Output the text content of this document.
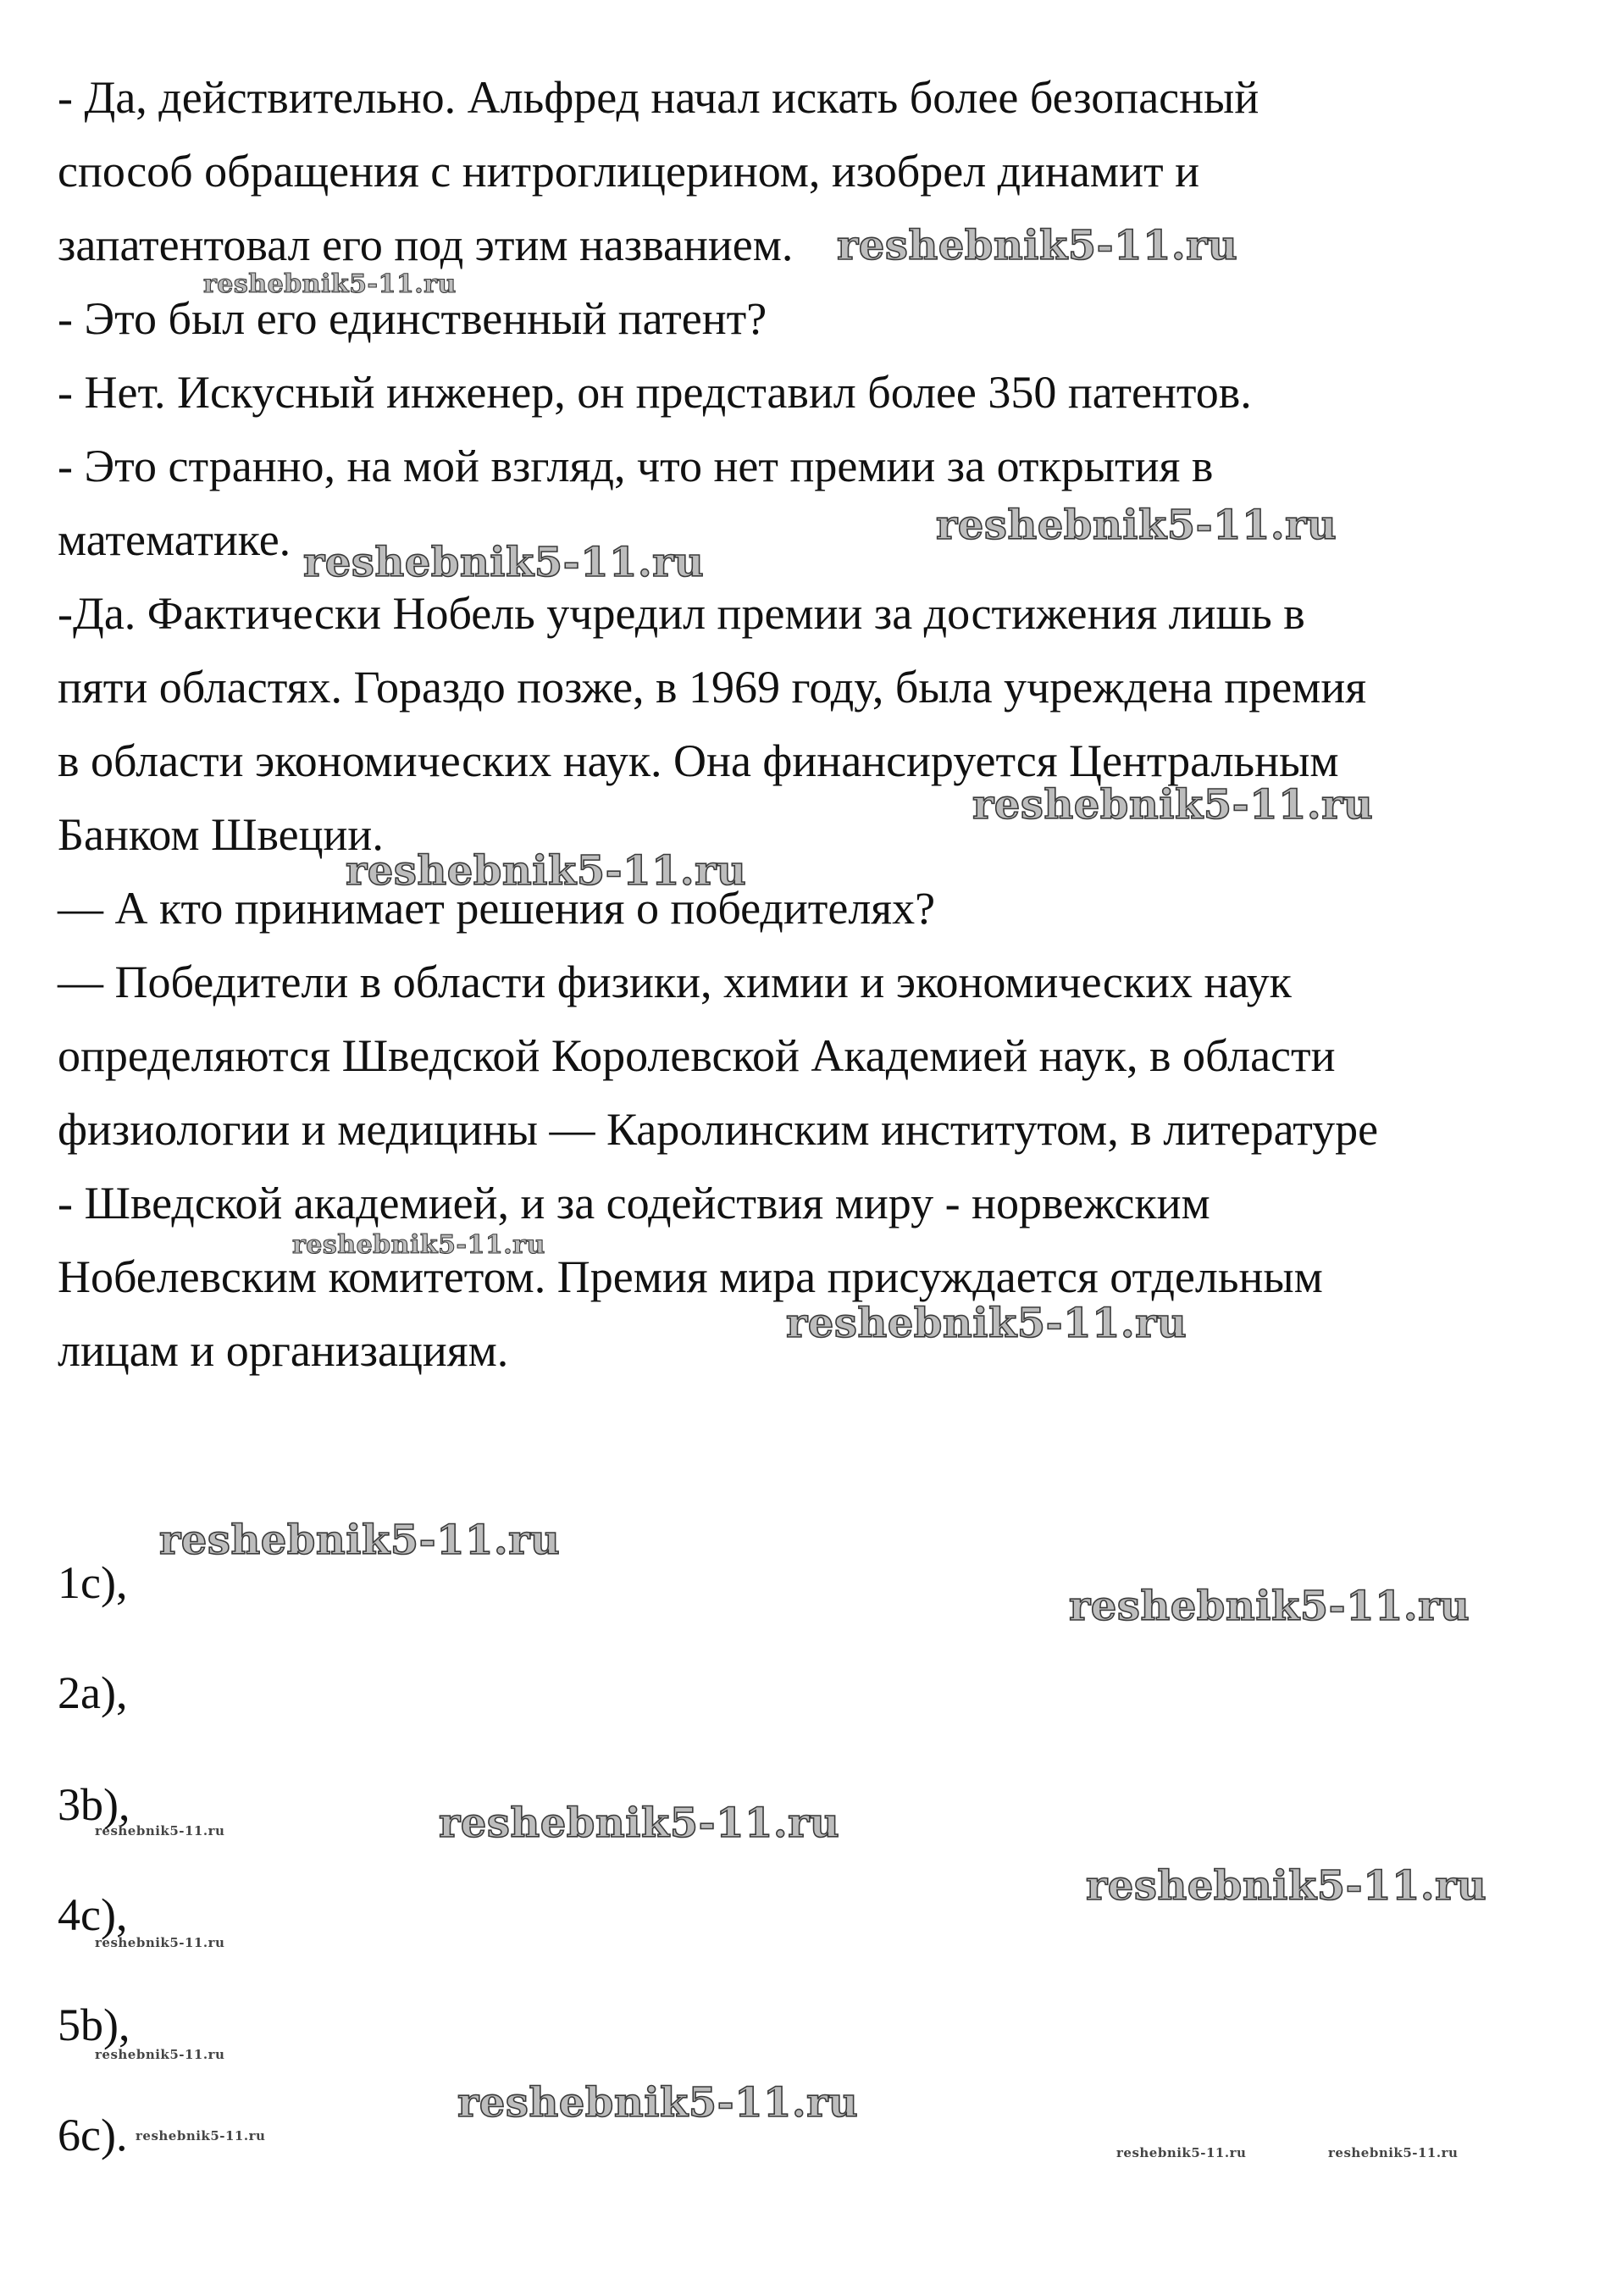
- Да, действительно. Альфред начал искать более безопасный
способ обращения с нитроглицерином, изобрел динамит и
запатентовал его под этим названием.
- Это был его единственный патент?
- Нет. Искусный инженер, он представил более 350 патентов.
- Это странно, на мой взгляд, что нет премии за открытия в
математике.
-Да. Фактически Нобель учредил премии за достижения лишь в
пяти областях. Гораздо позже, в 1969 году, была учреждена премия
в области экономических наук. Она финансируется Центральным
Банком Швеции.
— А кто принимает решения о победителях?
— Победители в области физики, химии и экономических наук
определяются Шведской Королевской Академией наук, в области
физиологии и медицины — Каролинским институтом, в литературе
- Шведской академией, и за содействия миру - норвежским
Нобелевским комитетом. Премия мира присуждается отдельным
лицам и организациям.
1c),
2a),
3b),
4c),
5b),
6c).
reshebnik5-11.ru
reshebnik5-11.ru
reshebnik5-11.ru
reshebnik5-11.ru
reshebnik5-11.ru
reshebnik5-11.ru
reshebnik5-11.ru
reshebnik5-11.ru
reshebnik5-11.ru
reshebnik5-11.ru
reshebnik5-11.ru
reshebnik5-11.ru
reshebnik5-11.ru
reshebnik5-11.ru
reshebnik5-11.ru
reshebnik5-11.ru
reshebnik5-11.ru
reshebnik5-11.ru	reshebnik5-11.ru
